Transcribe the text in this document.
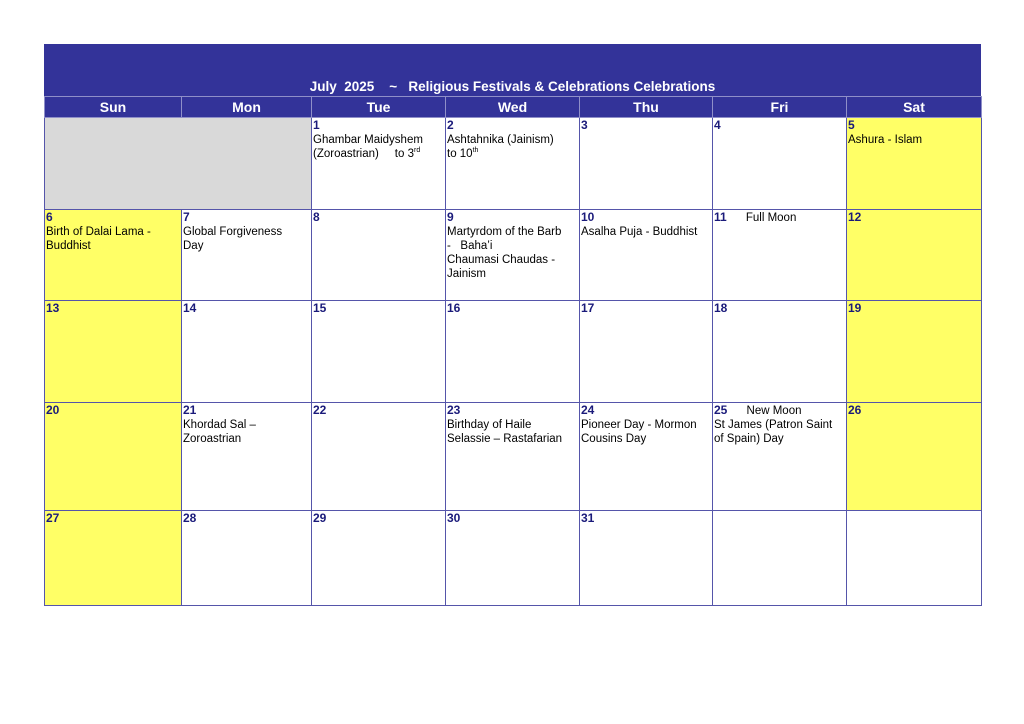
July  2025    ~   Religious Festivals & Celebrations Celebrations
Sun	Mon	Tue	Wed	Thu	Fri	Sat
		1
Ghambar Maidyshem
(Zoroastrian)     to 3rd	2
Ashtahnika (Jainism)
to 10th	3	4	5
Ashura - Islam

6
Birth of Dalai Lama -
Buddhist	7
Global Forgiveness
Day	8	9
Martyrdom of the Barb
-   Baha’i
Chaumasi Chaudas -
Jainism	10
Asalha Puja - Buddhist	11      Full Moon	12
13	14	15	16	17	18	19
20	21
Khordad Sal –
Zoroastrian	22	23
Birthday of Haile
Selassie – Rastafarian	24
Pioneer Day - Mormon
Cousins Day	25      New Moon
St James (Patron Saint
of Spain) Day	26
27	28	29	30	31		
